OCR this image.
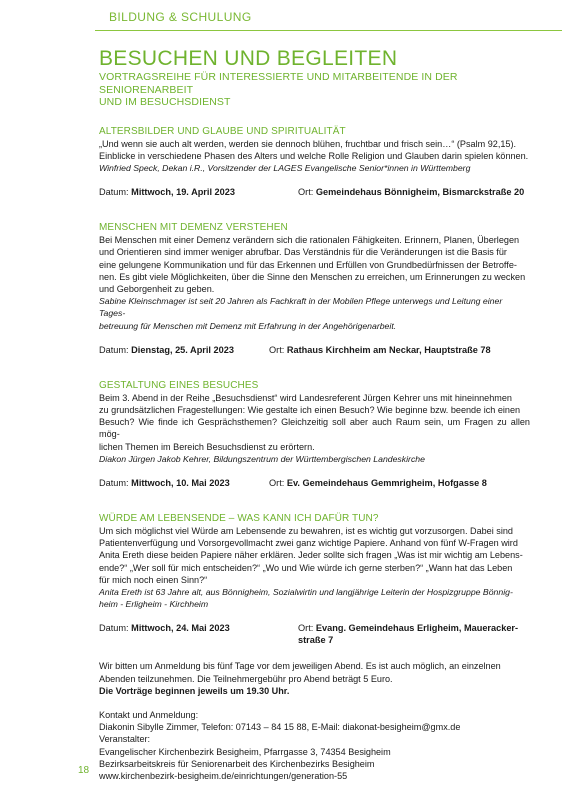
BILDUNG & SCHULUNG
BESUCHEN UND BEGLEITEN
VORTRAGSREIHE FÜR INTERESSIERTE UND MITARBEITENDE IN DER SENIORENARBEIT
UND IM BESUCHSDIENST
ALTERSBILDER UND GLAUBE UND SPIRITUALITÄT
„Und wenn sie auch alt werden, werden sie dennoch blühen, fruchtbar und frisch sein…“ (Psalm 92,15).
Einblicke in verschiedene Phasen des Alters und welche Rolle Religion und Glauben darin spielen können.
Winfried Speck, Dekan i.R., Vorsitzender der LAGES Evangelische Senior*innen in Württemberg
Datum: Mittwoch, 19. April 2023	Ort: Gemeindehaus Bönnigheim, Bismarckstraße 20
MENSCHEN MIT DEMENZ VERSTEHEN
Bei Menschen mit einer Demenz verändern sich die rationalen Fähigkeiten. Erinnern, Planen, Überlegen
und Orientieren sind immer weniger abrufbar. Das Verständnis für die Veränderungen ist die Basis für
eine gelungene Kommunikation und für das Erkennen und Erfüllen von Grundbedürfnissen der Betroffe-
nen. Es gibt viele Möglichkeiten, über die Sinne den Menschen zu erreichen, um Erinnerungen zu wecken
und Geborgenheit zu geben.
Sabine Kleinschmager ist seit 20 Jahren als Fachkraft in der Mobilen Pflege unterwegs und Leitung einer Tages-
betreuung für Menschen mit Demenz mit Erfahrung in der Angehörigenarbeit.
Datum: Dienstag, 25. April 2023	Ort: Rathaus Kirchheim am Neckar, Hauptstraße 78
GESTALTUNG EINES BESUCHES
Beim 3. Abend in der Reihe „Besuchsdienst“ wird Landesreferent Jürgen Kehrer uns mit hineinnehmen
zu grundsätzlichen Fragestellungen: Wie gestalte ich einen Besuch? Wie beginne bzw. beende ich einen
Besuch? Wie finde ich Gesprächsthemen? Gleichzeitig soll aber auch Raum sein, um Fragen zu allen mög-
lichen Themen im Bereich Besuchsdienst zu erörtern.
Diakon Jürgen Jakob Kehrer, Bildungszentrum der Württembergischen Landeskirche
Datum: Mittwoch, 10. Mai 2023	Ort: Ev. Gemeindehaus Gemmrigheim, Hofgasse 8
WÜRDE AM LEBENSENDE – WAS KANN ICH DAFÜR TUN?
Um sich möglichst viel Würde am Lebensende zu bewahren, ist es wichtig gut vorzusorgen. Dabei sind
Patientenverfügung und Vorsorgevollmacht zwei ganz wichtige Papiere. Anhand von fünf W-Fragen wird
Anita Ereth diese beiden Papiere näher erklären. Jeder sollte sich fragen „Was ist mir wichtig am Lebens-
ende?“ „Wer soll für mich entscheiden?“ „Wo und Wie würde ich gerne sterben?“ „Wann hat das Leben
für mich noch einen Sinn?“
Anita Ereth ist 63 Jahre alt, aus Bönnigheim, Sozialwirtin und langjährige Leiterin der Hospizgruppe Bönnig-
heim - Erligheim - Kirchheim
Datum: Mittwoch, 24. Mai 2023	Ort: Evang. Gemeindehaus Erligheim, Mauerackerstraße 7
Wir bitten um Anmeldung bis fünf Tage vor dem jeweiligen Abend. Es ist auch möglich, an einzelnen
Abenden teilzunehmen. Die Teilnehmergebühr pro Abend beträgt 5 Euro.
Die Vorträge beginnen jeweils um 19.30 Uhr.
Kontakt und Anmeldung:
Diakonin Sibylle Zimmer, Telefon: 07143 – 84 15 88, E-Mail: diakonat-besigheim@gmx.de
Veranstalter:
Evangelischer Kirchenbezirk Besigheim, Pfarrgasse 3, 74354 Besigheim
Bezirksarbeitskreis für Seniorenarbeit des Kirchenbezirks Besigheim
www.kirchenbezirk-besigheim.de/einrichtungen/generation-55
18
